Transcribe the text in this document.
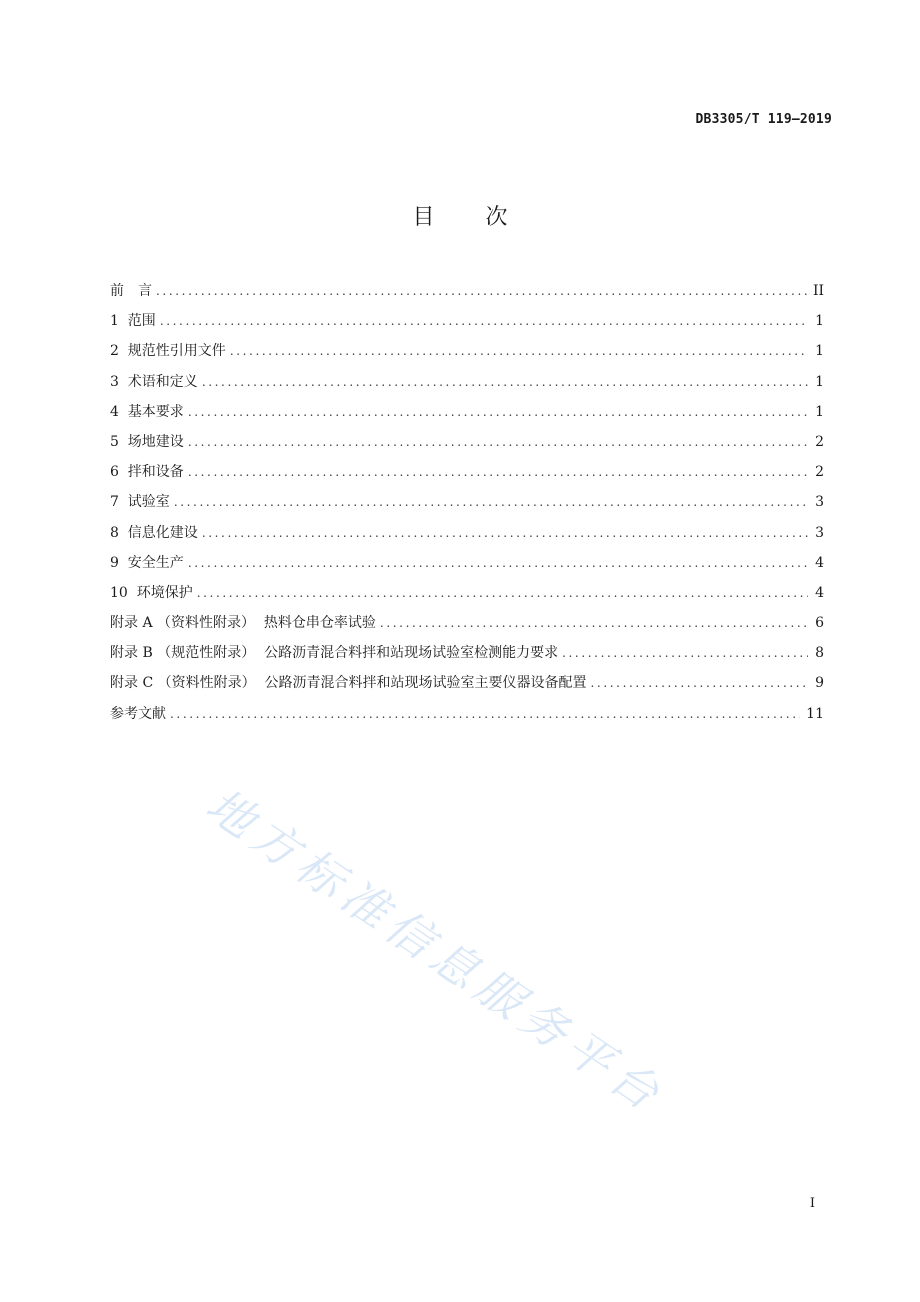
DB3305/T 119—2019
目 次
前　言 .....	II
1  范围 .....	1
2  规范性引用文件 .....	1
3  术语和定义 .....	1
4  基本要求 .....	1
5  场地建设 .....	2
6  拌和设备 .....	2
7  试验室 .....	3
8  信息化建设 .....	3
9  安全生产 .....	4
10  环境保护 .....	4
附录 A （资料性附录）  热料仓串仓率试验 .....	6
附录 B （规范性附录）  公路沥青混合料拌和站现场试验室检测能力要求 .....	8
附录 C （资料性附录）  公路沥青混合料拌和站现场试验室主要仪器设备配置 .....	9
参考文献 .....	11
地方标准信息服务平台
I
